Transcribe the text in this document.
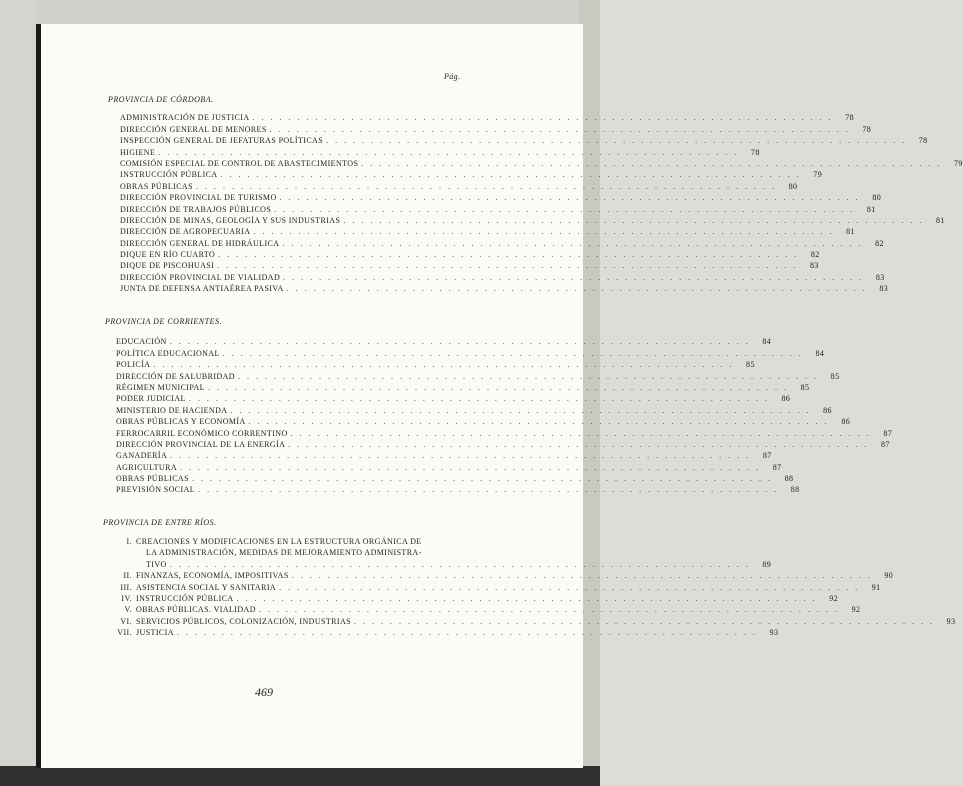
Pág.
PROVINCIA DE CÓRDOBA.
ADMINISTRACIÓN DE JUSTICIA . . . . . . . . . . . . . . . . . . . . . . . . . . . . . . . . . . . . . . . . . . . . . . . . . . . . . . . . . . . . . . . . .	78
DIRECCIÓN GENERAL DE MENORES . . . . . . . . . . . . . . . . . . . . . . . . . . . . . . . . . . . . . . . . . . . . . . . . . . . . . . . . . . . . . . . . .	78
INSPECCIÓN GENERAL DE JEFATURAS POLÍTICAS . . . . . . . . . . . . . . . . . . . . . . . . . . . . . . . . . . . . . . . . . . . . . . . . . . . . . . . . . . . . . . . . .	78
HIGIENE . . . . . . . . . . . . . . . . . . . . . . . . . . . . . . . . . . . . . . . . . . . . . . . . . . . . . . . . . . . . . . . . .	78
COMISIÓN ESPECIAL DE CONTROL DE ABASTECIMIENTOS . . . . . . . . . . . . . . . . . . . . . . . . . . . . . . . . . . . . . . . . . . . . . . . . . . . . . . . . . . . . . . . . .	79
INSTRUCCIÓN PÚBLICA . . . . . . . . . . . . . . . . . . . . . . . . . . . . . . . . . . . . . . . . . . . . . . . . . . . . . . . . . . . . . . . . .	79
OBRAS PÚBLICAS . . . . . . . . . . . . . . . . . . . . . . . . . . . . . . . . . . . . . . . . . . . . . . . . . . . . . . . . . . . . . . . . .	80
DIRECCIÓN PROVINCIAL DE TURISMO . . . . . . . . . . . . . . . . . . . . . . . . . . . . . . . . . . . . . . . . . . . . . . . . . . . . . . . . . . . . . . . . .	80
DIRECCIÓN DE TRABAJOS PÚBLICOS . . . . . . . . . . . . . . . . . . . . . . . . . . . . . . . . . . . . . . . . . . . . . . . . . . . . . . . . . . . . . . . . .	81
DIRECCIÓN DE MINAS, GEOLOGÍA Y SUS INDUSTRIAS . . . . . . . . . . . . . . . . . . . . . . . . . . . . . . . . . . . . . . . . . . . . . . . . . . . . . . . . . . . . . . . . .	81
DIRECCIÓN DE AGROPECUARIA . . . . . . . . . . . . . . . . . . . . . . . . . . . . . . . . . . . . . . . . . . . . . . . . . . . . . . . . . . . . . . . . .	81
DIRECCIÓN GENERAL DE HIDRÁULICA . . . . . . . . . . . . . . . . . . . . . . . . . . . . . . . . . . . . . . . . . . . . . . . . . . . . . . . . . . . . . . . . .	82
DIQUE EN RÍO CUARTO . . . . . . . . . . . . . . . . . . . . . . . . . . . . . . . . . . . . . . . . . . . . . . . . . . . . . . . . . . . . . . . . .	82
DIQUE DE PISCOHUASI . . . . . . . . . . . . . . . . . . . . . . . . . . . . . . . . . . . . . . . . . . . . . . . . . . . . . . . . . . . . . . . . .	83
DIRECCIÓN PROVINCIAL DE VIALIDAD . . . . . . . . . . . . . . . . . . . . . . . . . . . . . . . . . . . . . . . . . . . . . . . . . . . . . . . . . . . . . . . . .	83
JUNTA DE DEFENSA ANTIAÉREA PASIVA . . . . . . . . . . . . . . . . . . . . . . . . . . . . . . . . . . . . . . . . . . . . . . . . . . . . . . . . . . . . . . . . .	83
PROVINCIA DE CORRIENTES.
EDUCACIÓN . . . . . . . . . . . . . . . . . . . . . . . . . . . . . . . . . . . . . . . . . . . . . . . . . . . . . . . . . . . . . . . . .	84
POLÍTICA EDUCACIONAL . . . . . . . . . . . . . . . . . . . . . . . . . . . . . . . . . . . . . . . . . . . . . . . . . . . . . . . . . . . . . . . . .	84
POLICÍA . . . . . . . . . . . . . . . . . . . . . . . . . . . . . . . . . . . . . . . . . . . . . . . . . . . . . . . . . . . . . . . . .	85
DIRECCIÓN DE SALUBRIDAD . . . . . . . . . . . . . . . . . . . . . . . . . . . . . . . . . . . . . . . . . . . . . . . . . . . . . . . . . . . . . . . . .	85
RÉGIMEN MUNICIPAL . . . . . . . . . . . . . . . . . . . . . . . . . . . . . . . . . . . . . . . . . . . . . . . . . . . . . . . . . . . . . . . . .	85
PODER JUDICIAL . . . . . . . . . . . . . . . . . . . . . . . . . . . . . . . . . . . . . . . . . . . . . . . . . . . . . . . . . . . . . . . . .	86
MINISTERIO DE HACIENDA . . . . . . . . . . . . . . . . . . . . . . . . . . . . . . . . . . . . . . . . . . . . . . . . . . . . . . . . . . . . . . . . .	86
OBRAS PÚBLICAS Y ECONOMÍA . . . . . . . . . . . . . . . . . . . . . . . . . . . . . . . . . . . . . . . . . . . . . . . . . . . . . . . . . . . . . . . . .	86
FERROCARRIL ECONÓMICO CORRENTINO . . . . . . . . . . . . . . . . . . . . . . . . . . . . . . . . . . . . . . . . . . . . . . . . . . . . . . . . . . . . . . . . .	87
DIRECCIÓN PROVINCIAL DE LA ENERGÍA . . . . . . . . . . . . . . . . . . . . . . . . . . . . . . . . . . . . . . . . . . . . . . . . . . . . . . . . . . . . . . . . .	87
GANADERÍA . . . . . . . . . . . . . . . . . . . . . . . . . . . . . . . . . . . . . . . . . . . . . . . . . . . . . . . . . . . . . . . . .	87
AGRICULTURA . . . . . . . . . . . . . . . . . . . . . . . . . . . . . . . . . . . . . . . . . . . . . . . . . . . . . . . . . . . . . . . . .	87
OBRAS PÚBLICAS . . . . . . . . . . . . . . . . . . . . . . . . . . . . . . . . . . . . . . . . . . . . . . . . . . . . . . . . . . . . . . . . .	88
PREVISIÓN SOCIAL . . . . . . . . . . . . . . . . . . . . . . . . . . . . . . . . . . . . . . . . . . . . . . . . . . . . . . . . . . . . . . . . .	88
PROVINCIA DE ENTRE RÍOS.
I. CREACIONES Y MODIFICACIONES EN LA ESTRUCTURA ORGÁNICA DE
LA ADMINISTRACIÓN, MEDIDAS DE MEJORAMIENTO ADMINISTRA-
TIVO . . . . . . . . . . . . . . . . . . . . . . . . . . . . . . . . . . . . . . . . . . . . . . . . . . . . . . . . . . . . . . . . .	89
II. FINANZAS, ECONOMÍA, IMPOSITIVAS . . . . . . . . . . . . . . . . . . . . . . . . . . . . . . . . . . . . . . . . . . . . . . . . . . . . . . . . . . . . . . . . .	90
III. ASISTENCIA SOCIAL Y SANITARIA . . . . . . . . . . . . . . . . . . . . . . . . . . . . . . . . . . . . . . . . . . . . . . . . . . . . . . . . . . . . . . . . .	91
IV. INSTRUCCIÓN PÚBLICA . . . . . . . . . . . . . . . . . . . . . . . . . . . . . . . . . . . . . . . . . . . . . . . . . . . . . . . . . . . . . . . . .	92
V. OBRAS PÚBLICAS. VIALIDAD . . . . . . . . . . . . . . . . . . . . . . . . . . . . . . . . . . . . . . . . . . . . . . . . . . . . . . . . . . . . . . . . .	92
VI. SERVICIOS PÚBLICOS, COLONIZACIÓN, INDUSTRIAS . . . . . . . . . . . . . . . . . . . . . . . . . . . . . . . . . . . . . . . . . . . . . . . . . . . . . . . . . . . . . . . . .	93
VII. JUSTICIA . . . . . . . . . . . . . . . . . . . . . . . . . . . . . . . . . . . . . . . . . . . . . . . . . . . . . . . . . . . . . . . . .	93
469
